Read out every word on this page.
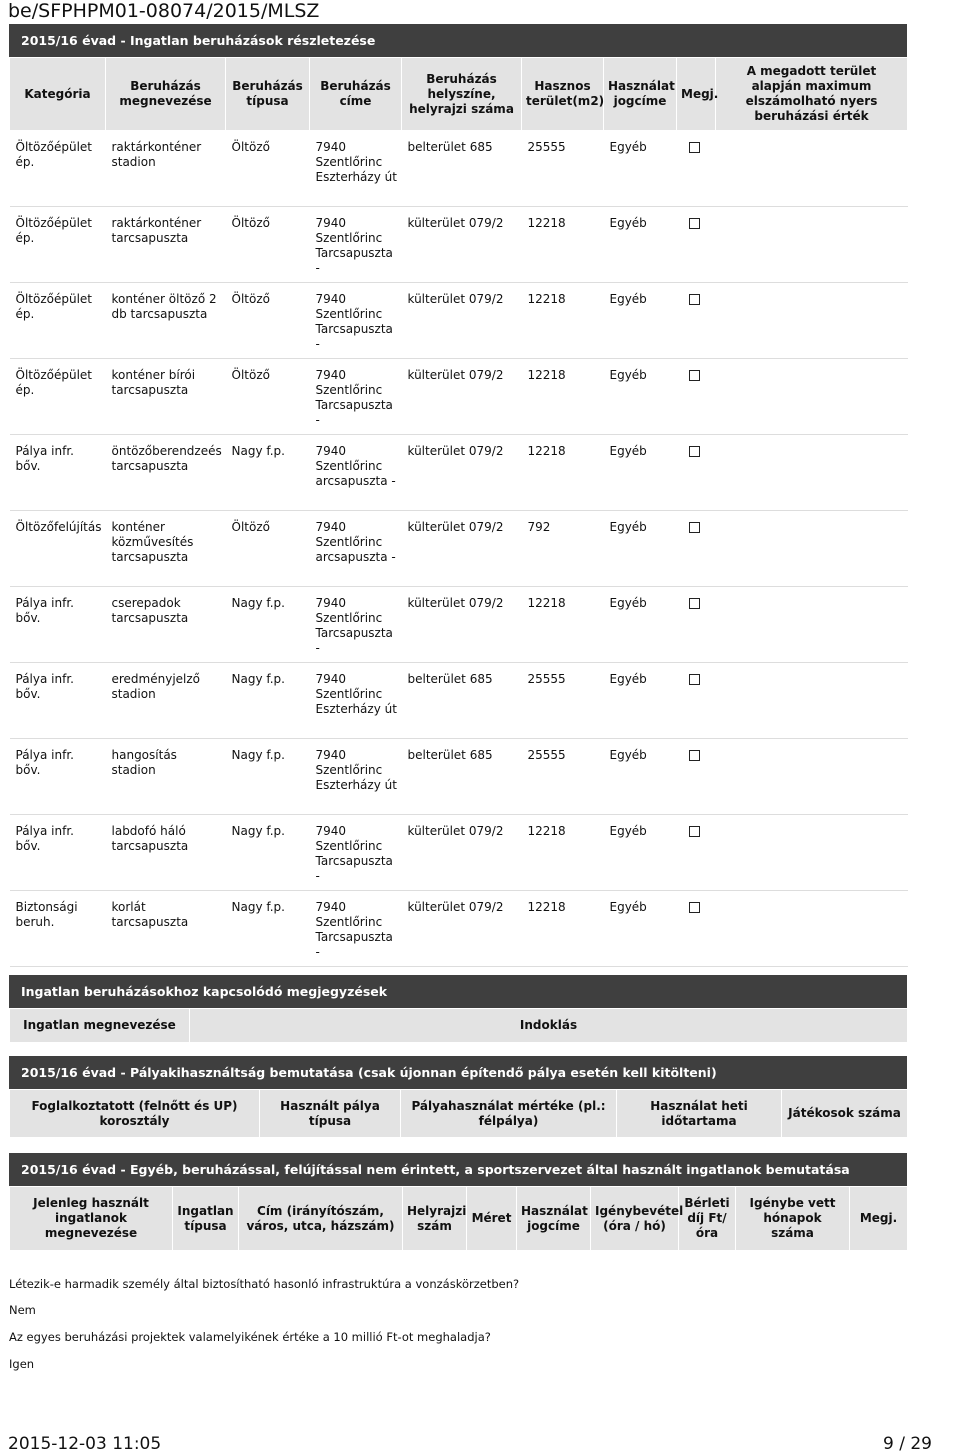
be/SFPHPM01-08074/2015/MLSZ
2015/16 évad - Ingatlan beruházások részletezése
Kategória	Beruházás megnevezése	Beruházás típusa	Beruházás címe	Beruházás helyszíne, helyrajzi száma	Hasznos terület(m2)	Használat jogcíme	Megj.	A megadott terület alapján maximum elszámolható nyers beruházási érték
Öltözőépület ép.	raktárkonténer stadion	Öltöző	7940 Szentlőrinc Eszterházy út	belterület 685	25555	Egyéb		
Öltözőépület ép.	raktárkonténer tarcsapuszta	Öltöző	7940 Szentlőrinc Tarcsapuszta -	külterület 079/2	12218	Egyéb		
Öltözőépület ép.	konténer öltöző 2 db tarcsapuszta	Öltöző	7940 Szentlőrinc Tarcsapuszta -	külterület 079/2	12218	Egyéb		
Öltözőépület ép.	konténer bírói tarcsapuszta	Öltöző	7940 Szentlőrinc Tarcsapuszta -	külterület 079/2	12218	Egyéb		
Pálya infr. bőv.	öntözőberendzeés tarcsapuszta	Nagy f.p.	7940 Szentlőrinc arcsapuszta -	külterület 079/2	12218	Egyéb		
Öltözőfelújítás	konténer közművesítés tarcsapuszta	Öltöző	7940 Szentlőrinc arcsapuszta -	külterület 079/2	792	Egyéb		
Pálya infr. bőv.	cserepadok tarcsapuszta	Nagy f.p.	7940 Szentlőrinc Tarcsapuszta -	külterület 079/2	12218	Egyéb		
Pálya infr. bőv.	eredményjelző stadion	Nagy f.p.	7940 Szentlőrinc Eszterházy út	belterület 685	25555	Egyéb		
Pálya infr. bőv.	hangosítás stadion	Nagy f.p.	7940 Szentlőrinc Eszterházy út	belterület 685	25555	Egyéb		
Pálya infr. bőv.	labdofó háló tarcsapuszta	Nagy f.p.	7940 Szentlőrinc Tarcsapuszta -	külterület 079/2	12218	Egyéb		
Biztonsági beruh.	korlát tarcsapuszta	Nagy f.p.	7940 Szentlőrinc Tarcsapuszta -	külterület 079/2	12218	Egyéb		
Ingatlan beruházásokhoz kapcsolódó megjegyzések
Ingatlan megnevezése	Indoklás
2015/16 évad - Pályakihasználtság bemutatása (csak újonnan építendő pálya esetén kell kitölteni)
Foglalkoztatott (felnőtt és UP) korosztály	Használt pálya típusa	Pályahasználat mértéke (pl.: félpálya)	Használat heti időtartama	Játékosok száma
2015/16 évad - Egyéb, beruházással, felújítással nem érintett, a sportszervezet által használt ingatlanok bemutatása
Jelenleg használt ingatlanok megnevezése	Ingatlan típusa	Cím (irányítószám, város, utca, házszám)	Helyrajzi szám	Méret	Használat jogcíme	Igénybevétel (óra / hó)	Bérleti díj Ft/óra	Igénybe vett hónapok száma	Megj.
Létezik-e harmadik személy által biztosítható hasonló infrastruktúra a vonzáskörzetben?
Nem
Az egyes beruházási projektek valamelyikének értéke a 10 millió Ft-ot meghaladja?
Igen
2015-12-03 11:05	9 / 29
